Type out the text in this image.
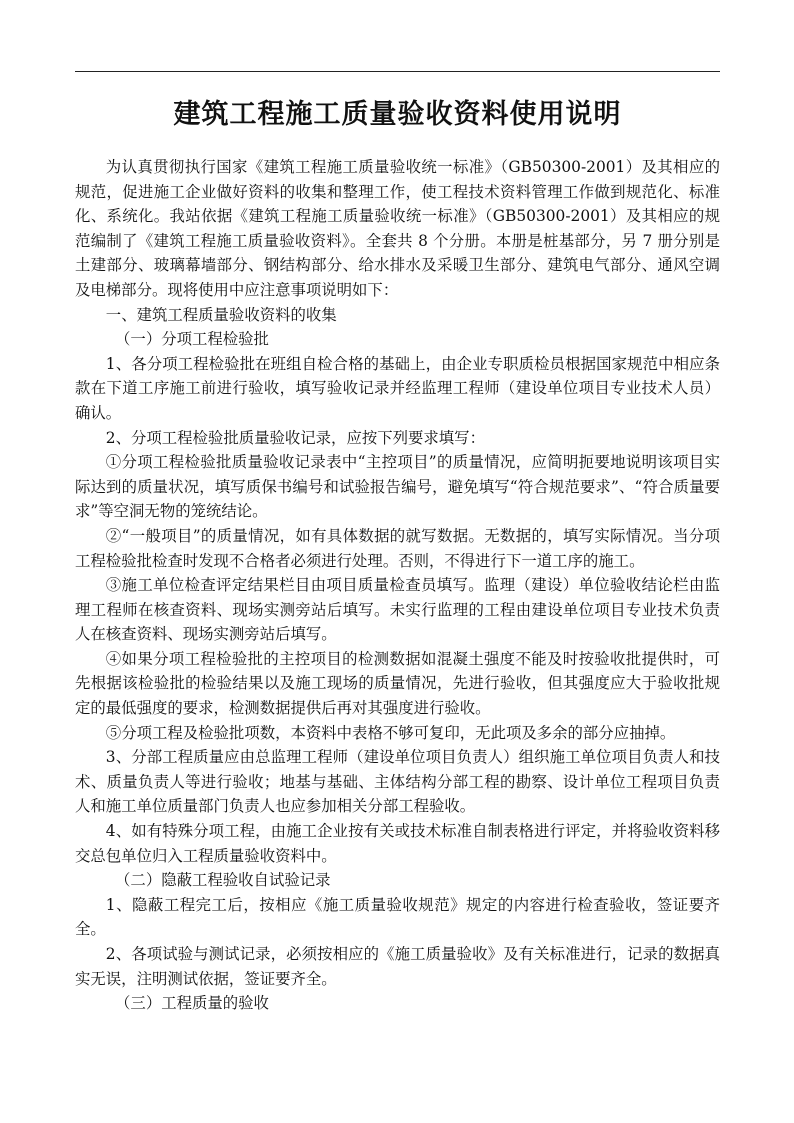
建筑工程施工质量验收资料使用说明

为认真贯彻执行国家《建筑工程施工质量验收统一标准》（GB50300-2001）及其相应的规范，促进施工企业做好资料的收集和整理工作，使工程技术资料管理工作做到规范化、标准化、系统化。我站依据《建筑工程施工质量验收统一标准》（GB50300-2001）及其相应的规范编制了《建筑工程施工质量验收资料》。全套共 8 个分册。本册是桩基部分，另 7 册分别是土建部分、玻璃幕墙部分、钢结构部分、给水排水及采暖卫生部分、建筑电气部分、通风空调及电梯部分。现将使用中应注意事项说明如下：

一、建筑工程质量验收资料的收集

（一）分项工程检验批

1、各分项工程检验批在班组自检合格的基础上，由企业专职质检员根据国家规范中相应条款在下道工序施工前进行验收，填写验收记录并经监理工程师（建设单位项目专业技术人员）确认。

2、分项工程检验批质量验收记录，应按下列要求填写：

①分项工程检验批质量验收记录表中“主控项目”的质量情况，应简明扼要地说明该项目实际达到的质量状况，填写质保书编号和试验报告编号，避免填写“符合规范要求”、“符合质量要求”等空洞无物的笼统结论。

②“一般项目”的质量情况，如有具体数据的就写数据。无数据的，填写实际情况。当分项工程检验批检查时发现不合格者必须进行处理。否则，不得进行下一道工序的施工。

③施工单位检查评定结果栏目由项目质量检查员填写。监理（建设）单位验收结论栏由监理工程师在核查资料、现场实测旁站后填写。未实行监理的工程由建设单位项目专业技术负责人在核查资料、现场实测旁站后填写。

④如果分项工程检验批的主控项目的检测数据如混凝土强度不能及时按验收批提供时，可先根据该检验批的检验结果以及施工现场的质量情况，先进行验收，但其强度应大于验收批规定的最低强度的要求，检测数据提供后再对其强度进行验收。

⑤分项工程及检验批项数，本资料中表格不够可复印，无此项及多余的部分应抽掉。

3、分部工程质量应由总监理工程师（建设单位项目负责人）组织施工单位项目负责人和技术、质量负责人等进行验收；地基与基础、主体结构分部工程的勘察、设计单位工程项目负责人和施工单位质量部门负责人也应参加相关分部工程验收。

4、如有特殊分项工程，由施工企业按有关或技术标准自制表格进行评定，并将验收资料移交总包单位归入工程质量验收资料中。

（二）隐蔽工程验收自试验记录

1、隐蔽工程完工后，按相应《施工质量验收规范》规定的内容进行检查验收，签证要齐全。

2、各项试验与测试记录，必须按相应的《施工质量验收》及有关标准进行，记录的数据真实无误，注明测试依据，签证要齐全。

（三）工程质量的验收
